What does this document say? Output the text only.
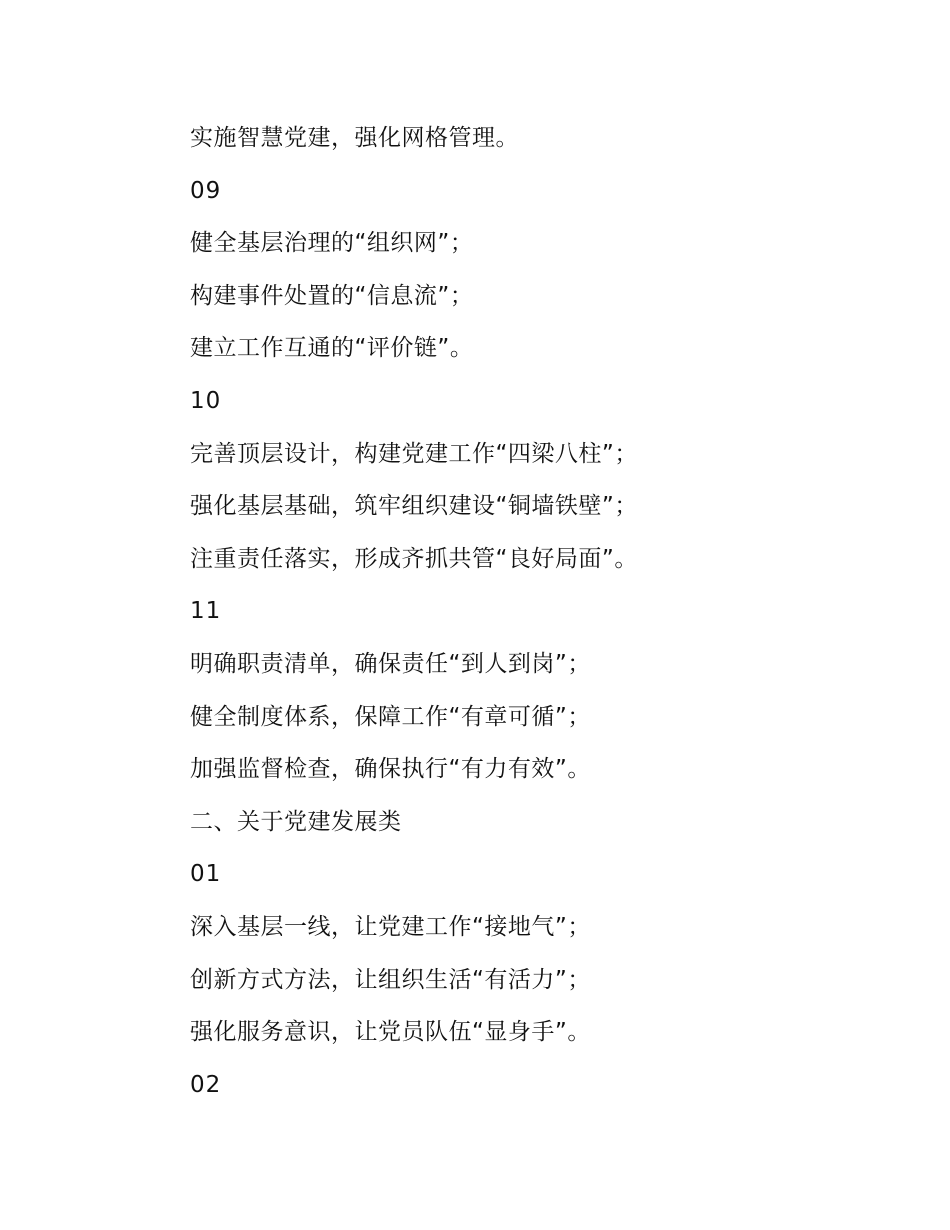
实施智慧党建，强化网格管理。
09
健全基层治理的“组织网”；
构建事件处置的“信息流”；
建立工作互通的“评价链”。
10
完善顶层设计，构建党建工作“四梁八柱”；
强化基层基础，筑牢组织建设“铜墙铁壁”；
注重责任落实，形成齐抓共管“良好局面”。
11
明确职责清单，确保责任“到人到岗”；
健全制度体系，保障工作“有章可循”；
加强监督检查，确保执行“有力有效”。
二、关于党建发展类
01
深入基层一线，让党建工作“接地气”；
创新方式方法，让组织生活“有活力”；
强化服务意识，让党员队伍“显身手”。
02
